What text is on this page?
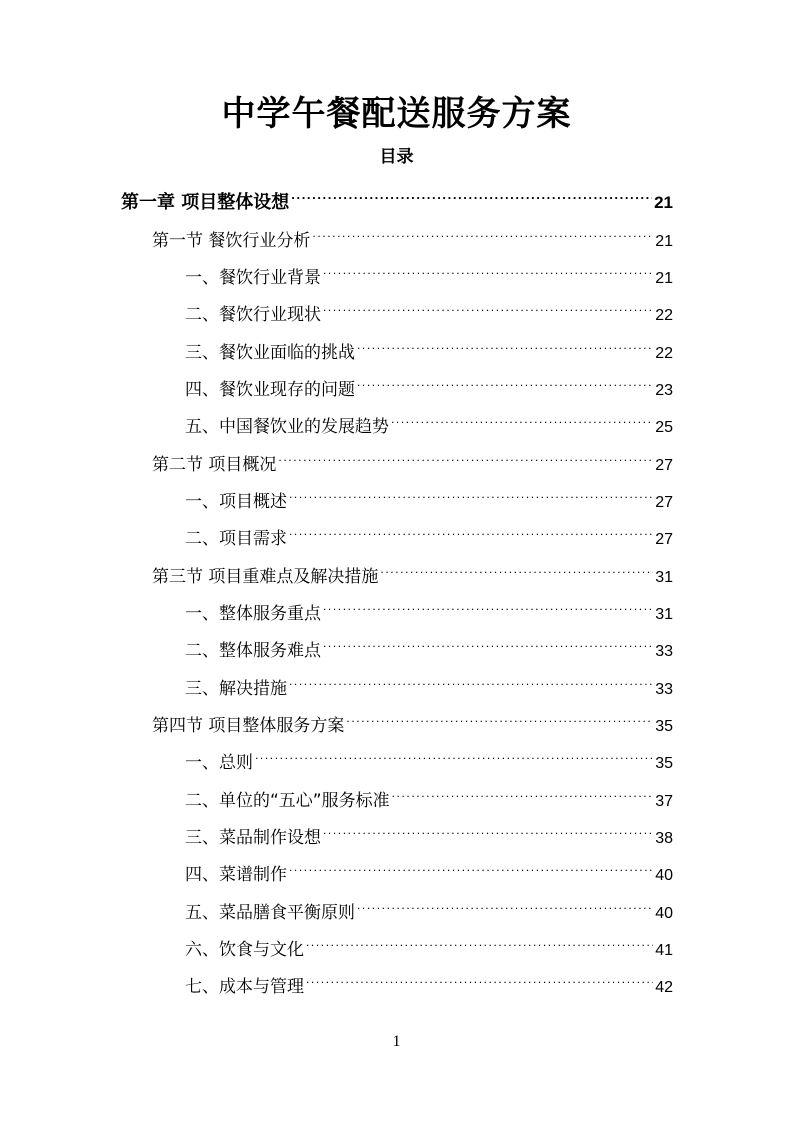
中学午餐配送服务方案
目录
第一章 项目整体设想 .....	21
第一节 餐饮行业分析 .....	21
一、餐饮行业背景 .....	21
二、餐饮行业现状 .....	22
三、餐饮业面临的挑战 .....	22
四、餐饮业现存的问题 .....	23
五、中国餐饮业的发展趋势 .....	25
第二节 项目概况 .....	27
一、项目概述 .....	27
二、项目需求 .....	27
第三节 项目重难点及解决措施 .....	31
一、整体服务重点 .....	31
二、整体服务难点 .....	33
三、解决措施 .....	33
第四节 项目整体服务方案 .....	35
一、总则 .....	35
二、单位的“五心”服务标准 .....	37
三、菜品制作设想 .....	38
四、菜谱制作 .....	40
五、菜品膳食平衡原则 .....	40
六、饮食与文化 .....	41
七、成本与管理 .....	42
1
